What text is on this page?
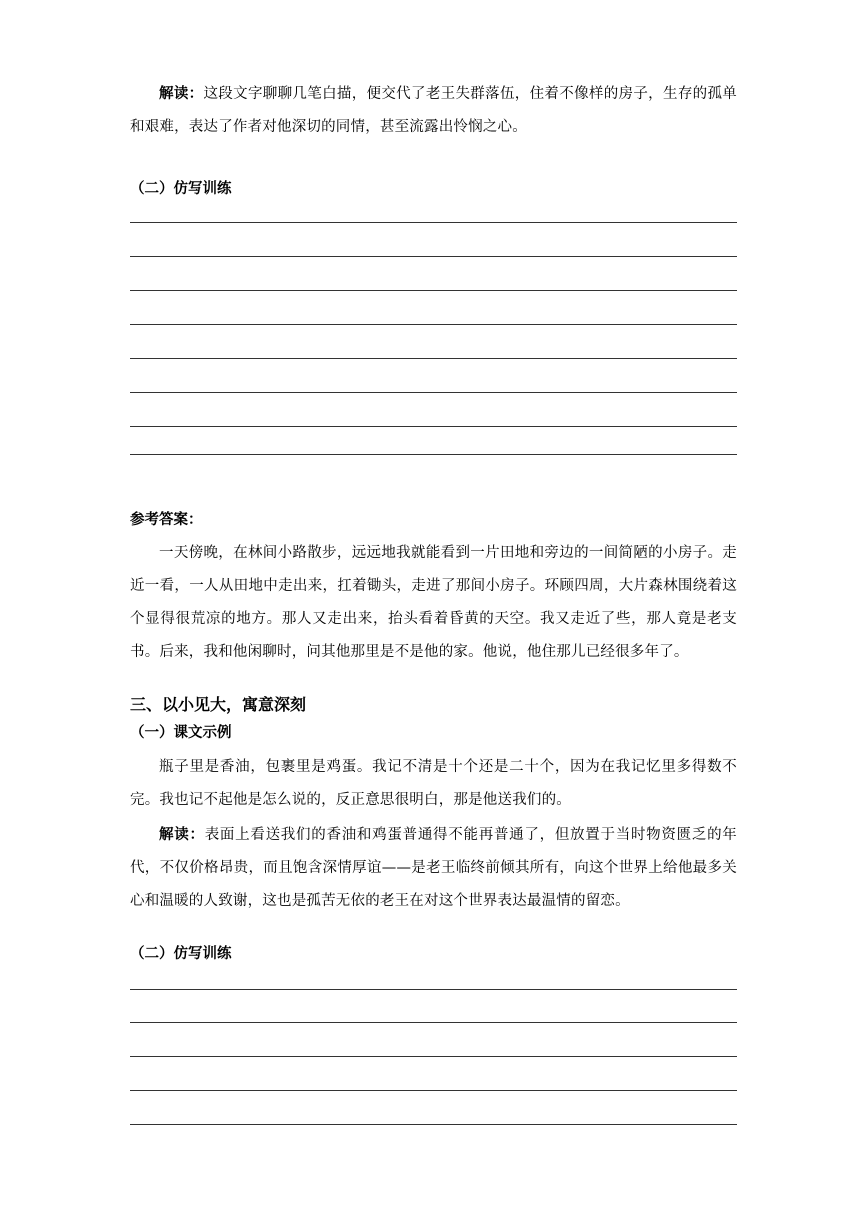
解读：这段文字聊聊几笔白描，便交代了老王失群落伍，住着不像样的房子，生存的孤单和艰难，表达了作者对他深切的同情，甚至流露出怜悯之心。

（二）仿写训练
参考答案：

一天傍晚，在林间小路散步，远远地我就能看到一片田地和旁边的一间简陋的小房子。走近一看，一人从田地中走出来，扛着锄头，走进了那间小房子。环顾四周，大片森林围绕着这个显得很荒凉的地方。那人又走出来，抬头看着昏黄的天空。我又走近了些，那人竟是老支书。后来，我和他闲聊时，问其他那里是不是他的家。他说，他住那儿已经很多年了。

三、以小见大，寓意深刻
（一）课文示例

瓶子里是香油，包裹里是鸡蛋。我记不清是十个还是二十个，因为在我记忆里多得数不完。我也记不起他是怎么说的，反正意思很明白，那是他送我们的。

解读：表面上看送我们的香油和鸡蛋普通得不能再普通了，但放置于当时物资匮乏的年代，不仅价格昂贵，而且饱含深情厚谊——是老王临终前倾其所有，向这个世界上给他最多关心和温暖的人致谢，这也是孤苦无依的老王在对这个世界表达最温情的留恋。

（二）仿写训练
